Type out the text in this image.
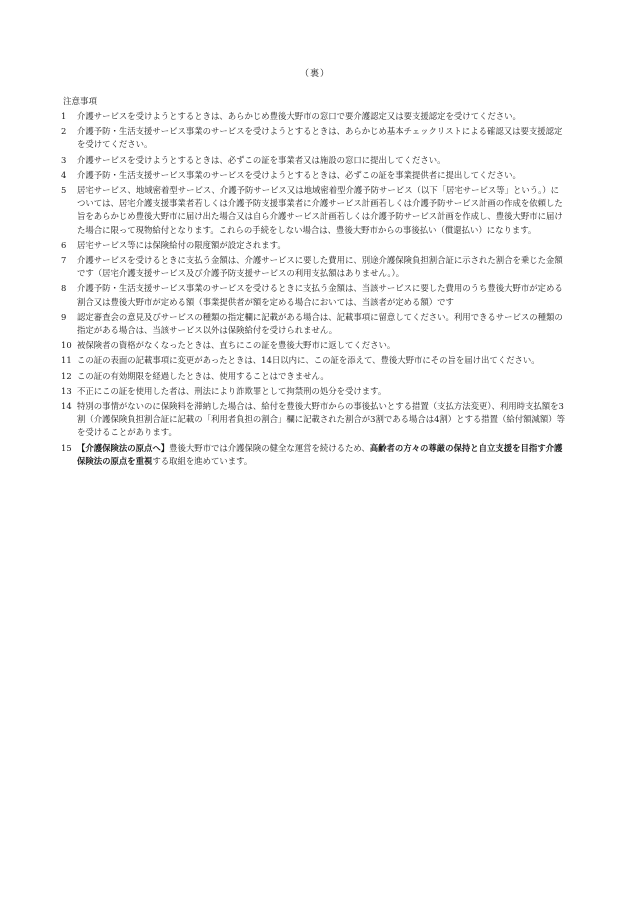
（裏）
注意事項
1	介護サービスを受けようとするときは、あらかじめ豊後大野市の窓口で要介護認定又は要支援認定を受けてください。
2	介護予防・生活支援サービス事業のサービスを受けようとするときは、あらかじめ基本チェックリストによる確認又は要支援認定を受けてください。
3	介護サービスを受けようとするときは、必ずこの証を事業者又は施設の窓口に提出してください。
4	介護予防・生活支援サービス事業のサービスを受けようとするときは、必ずこの証を事業提供者に提出してください。
5	居宅サービス、地域密着型サービス、介護予防サービス又は地域密着型介護予防サービス（以下「居宅サービス等」という。）については、居宅介護支援事業者若しくは介護予防支援事業者に介護サービス計画若しくは介護予防サービス計画の作成を依頼した旨をあらかじめ豊後大野市に届け出た場合又は自ら介護サービス計画若しくは介護予防サービス計画を作成し、豊後大野市に届けた場合に限って現物給付となります。これらの手続をしない場合は、豊後大野市からの事後払い（償還払い）になります。
6	居宅サービス等には保険給付の限度額が設定されます。
7	介護サービスを受けるときに支払う金額は、介護サービスに要した費用に、別途介護保険負担割合証に示された割合を乗じた金額です（居宅介護支援サービス及び介護予防支援サービスの利用支払額はありません。）。
8	介護予防・生活支援サービス事業のサービスを受けるときに支払う金額は、当該サービスに要した費用のうち豊後大野市が定める割合又は豊後大野市が定める額（事業提供者が額を定める場合においては、当該者が定める額）です
9	認定審査会の意見及びサービスの種類の指定欄に記載がある場合は、記載事項に留意してください。利用できるサービスの種類の指定がある場合は、当該サービス以外は保険給付を受けられません。
10 被保険者の資格がなくなったときは、直ちにこの証を豊後大野市に返してください。
11 この証の表面の記載事項に変更があったときは、14日以内に、この証を添えて、豊後大野市にその旨を届け出てください。
12 この証の有効期限を経過したときは、使用することはできません。
13 不正にこの証を使用した者は、刑法により詐欺罪として拘禁刑の処分を受けます。
14 特別の事情がないのに保険料を滞納した場合は、給付を豊後大野市からの事後払いとする措置（支払方法変更）、利用時支払額を3割（介護保険負担割合証に記載の「利用者負担の割合」欄に記載された割合が3割である場合は4割）とする措置（給付額減額）等を受けることがあります。
15 【介護保険法の原点へ】豊後大野市では介護保険の健全な運営を続けるため、高齢者の方々の尊厳の保持と自立支援を目指す介護保険法の原点を重視する取組を進めています。
